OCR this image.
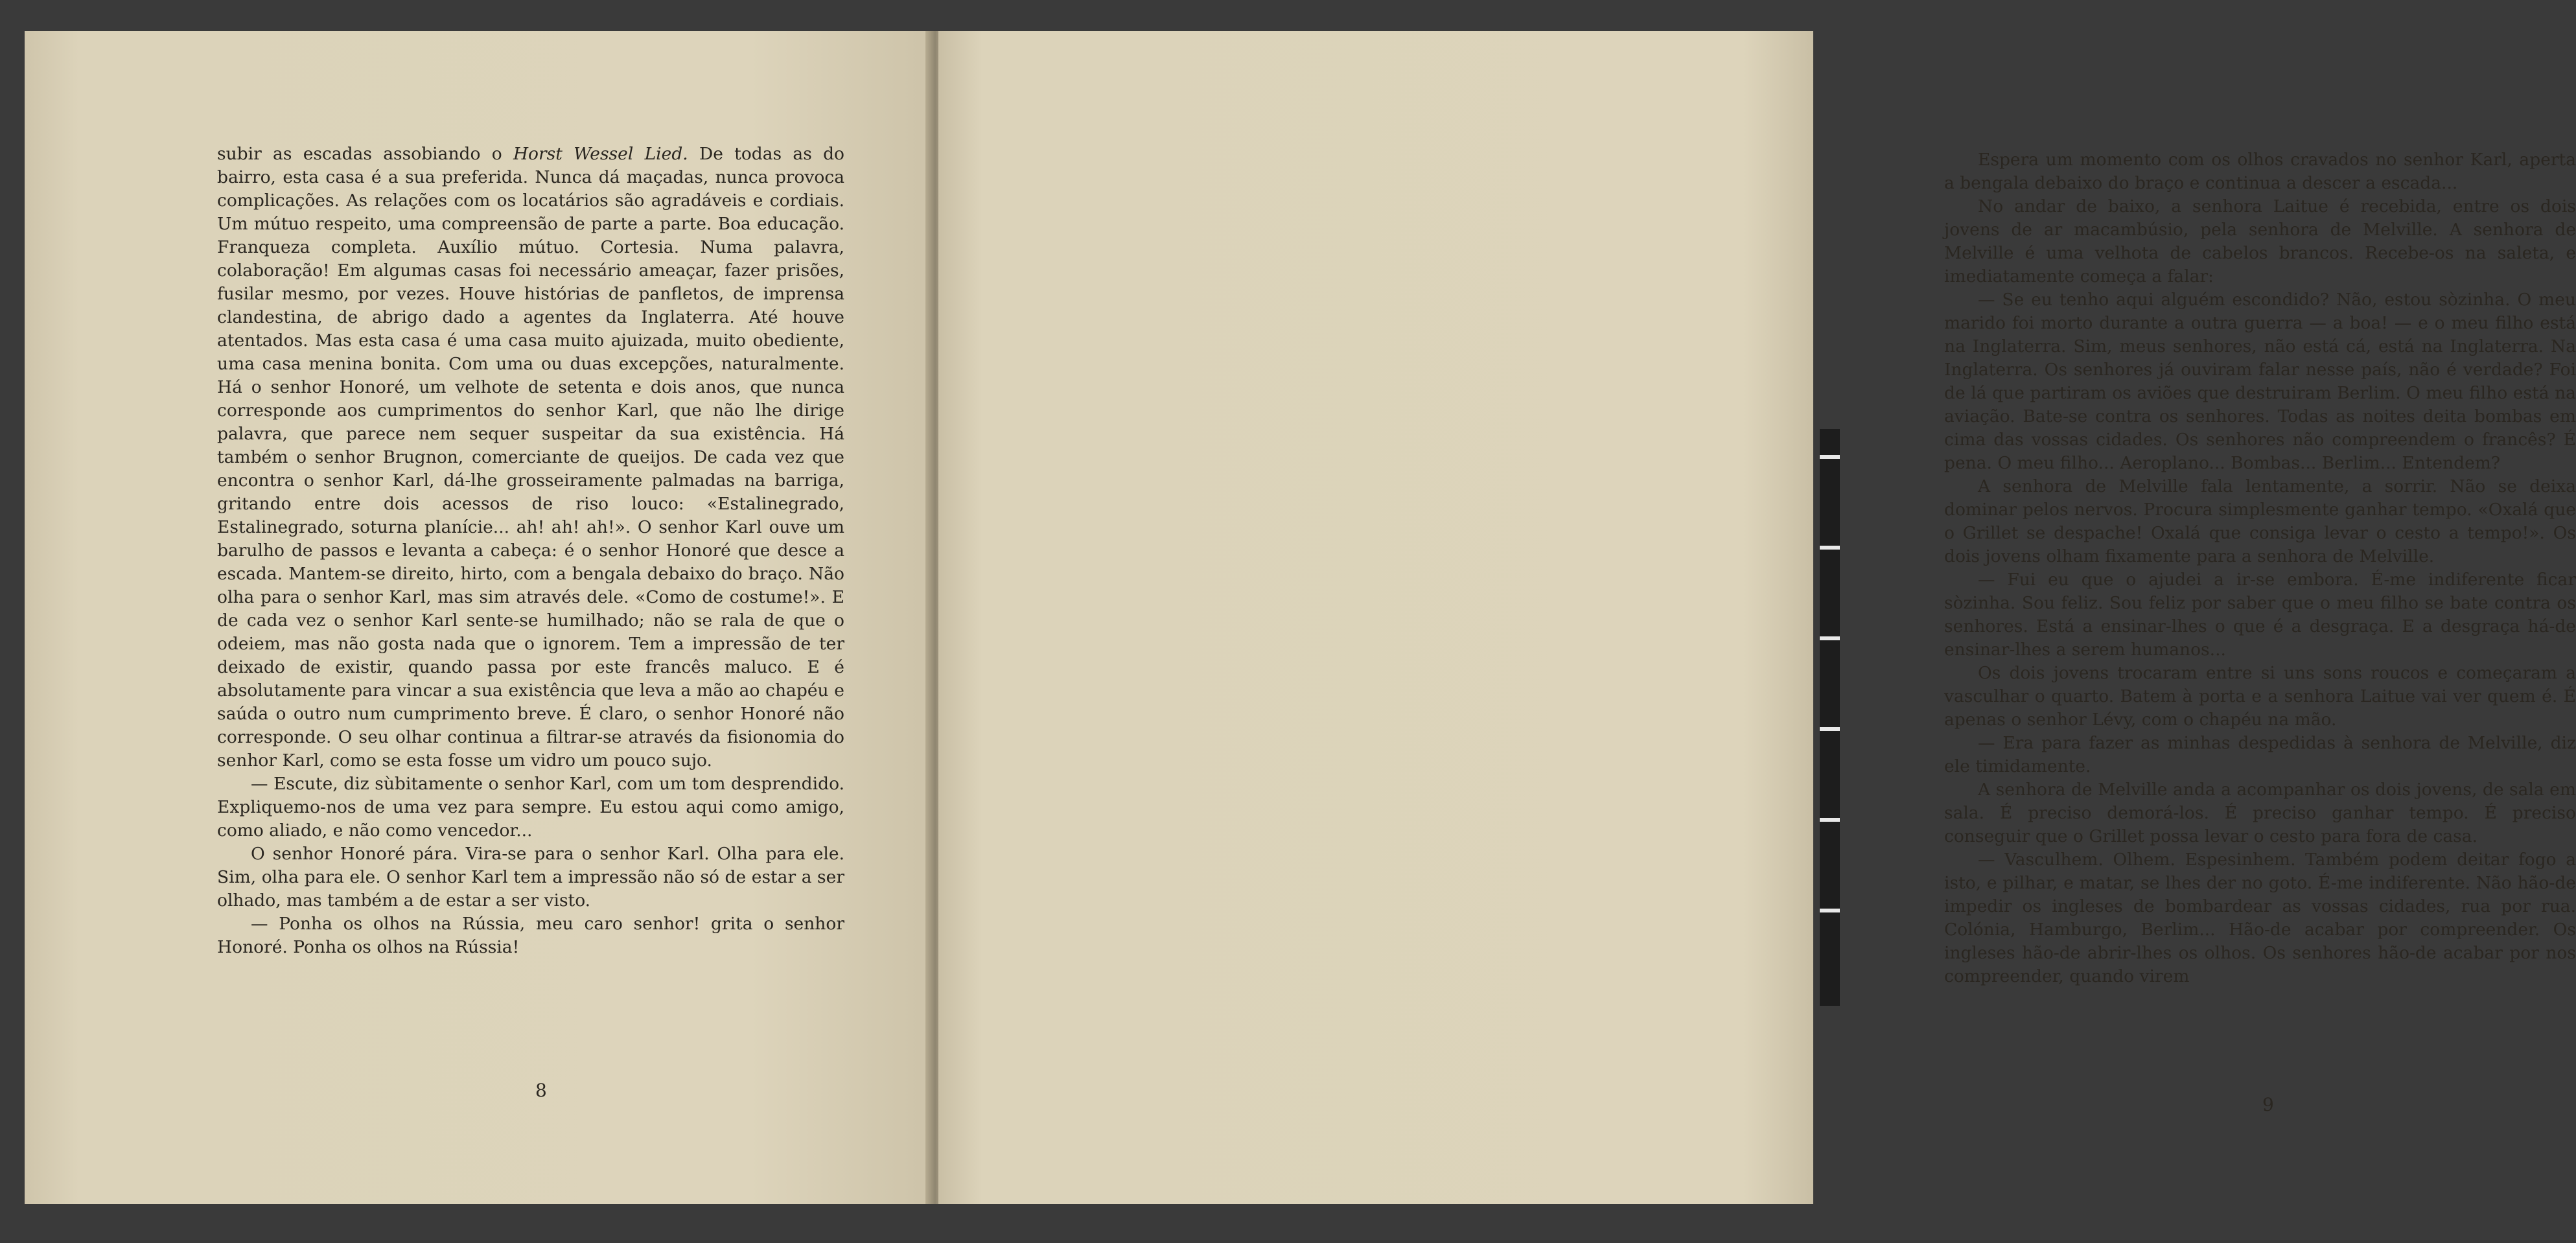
subir as escadas assobiando o Horst Wessel Lied. De todas as do bairro, esta casa é a sua preferida. Nunca dá maçadas, nunca provoca complicações. As relações com os locatários são agradáveis e cordiais. Um mútuo respeito, uma compreensão de parte a parte. Boa educação. Franqueza completa. Auxílio mútuo. Cortesia. Numa palavra, colaboração! Em algumas casas foi necessário ameaçar, fazer prisões, fusilar mesmo, por vezes. Houve histórias de panfletos, de imprensa clandestina, de abrigo dado a agentes da Inglaterra. Até houve atentados. Mas esta casa é uma casa muito ajuizada, muito obediente, uma casa menina bonita. Com uma ou duas excepções, naturalmente. Há o senhor Honoré, um velhote de setenta e dois anos, que nunca corresponde aos cumprimentos do senhor Karl, que não lhe dirige palavra, que parece nem sequer suspeitar da sua existência. Há também o senhor Brugnon, comerciante de queijos. De cada vez que encontra o senhor Karl, dá-lhe grosseiramente palmadas na barriga, gritando entre dois acessos de riso louco: «Estalinegrado, Estalinegrado, soturna planície... ah! ah! ah!». O senhor Karl ouve um barulho de passos e levanta a cabeça: é o senhor Honoré que desce a escada. Mantem-se direito, hirto, com a bengala debaixo do braço. Não olha para o senhor Karl, mas sim através dele. «Como de costume!». E de cada vez o senhor Karl sente-se humilhado; não se rala de que o odeiem, mas não gosta nada que o ignorem. Tem a impressão de ter deixado de existir, quando passa por este francês maluco. E é absolutamente para vincar a sua existência que leva a mão ao chapéu e saúda o outro num cumprimento breve. É claro, o senhor Honoré não corresponde. O seu olhar continua a filtrar-se através da fisionomia do senhor Karl, como se esta fosse um vidro um pouco sujo.

— Escute, diz sùbitamente o senhor Karl, com um tom desprendido. Expliquemo-nos de uma vez para sempre. Eu estou aqui como amigo, como aliado, e não como vencedor...

O senhor Honoré pára. Vira-se para o senhor Karl. Olha para ele. Sim, olha para ele. O senhor Karl tem a impressão não só de estar a ser olhado, mas também a de estar a ser visto.

— Ponha os olhos na Rússia, meu caro senhor! grita o senhor Honoré. Ponha os olhos na Rússia!

8

Espera um momento com os olhos cravados no senhor Karl, aperta a bengala debaixo do braço e continua a descer a escada...

No andar de baixo, a senhora Laitue é recebida, entre os dois jovens de ar macambúsio, pela senhora de Melville. A senhora de Melville é uma velhota de cabelos brancos. Recebe-os na saleta, e imediatamente começa a falar:

— Se eu tenho aqui alguém escondido? Não, estou sòzinha. O meu marido foi morto durante a outra guerra — a boa! — e o meu filho está na Inglaterra. Sim, meus senhores, não está cá, está na Inglaterra. Na Inglaterra. Os senhores já ouviram falar nesse país, não é verdade? Foi de lá que partiram os aviões que destruiram Berlim. O meu filho está na aviação. Bate-se contra os senhores. Todas as noites deita bombas em cima das vossas cidades. Os senhores não compreendem o francês? É pena. O meu filho... Aeroplano... Bombas... Berlim... Entendem?

A senhora de Melville fala lentamente, a sorrir. Não se deixa dominar pelos nervos. Procura simplesmente ganhar tempo. «Oxalá que o Grillet se despache! Oxalá que consiga levar o cesto a tempo!». Os dois jovens olham fixamente para a senhora de Melville.

— Fui eu que o ajudei a ir-se embora. É-me indiferente ficar sòzinha. Sou feliz. Sou feliz por saber que o meu filho se bate contra os senhores. Está a ensinar-lhes o que é a desgraça. E a desgraça há-de ensinar-lhes a serem humanos...

Os dois jovens trocaram entre si uns sons roucos e começaram a vasculhar o quarto. Batem à porta e a senhora Laitue vai ver quem é. É apenas o senhor Lévy, com o chapéu na mão.

— Era para fazer as minhas despedidas à senhora de Melville, diz ele timidamente.

A senhora de Melville anda a acompanhar os dois jovens, de sala em sala. É preciso demorá-los. É preciso ganhar tempo. É preciso conseguir que o Grillet possa levar o cesto para fora de casa.

— Vasculhem. Olhem. Espesinhem. Também podem deitar fogo a isto, e pilhar, e matar, se lhes der no goto. É-me indiferente. Não hão-de impedir os ingleses de bombardear as vossas cidades, rua por rua. Colónia, Hamburgo, Berlim... Hão-de acabar por compreender. Os ingleses hão-de abrir-lhes os olhos. Os senhores hão-de acabar por nos compreender, quando virem

9
